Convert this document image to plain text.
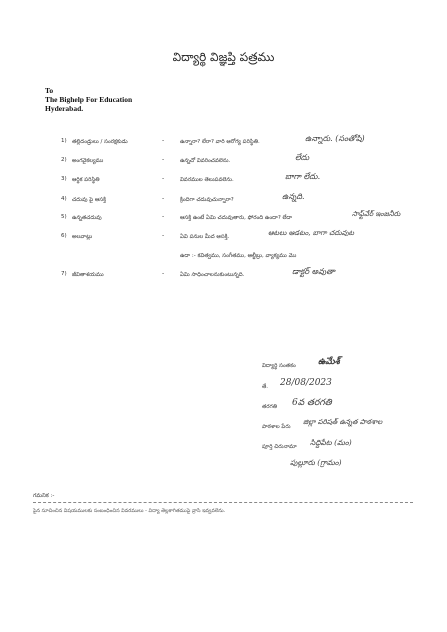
విద్యార్థి విజ్ఞప్తి పత్రము
To
The Bighelp For Education
Hyderabad.
1) తల్లిదండ్రులు / సంరక్షకుడు	-	ఉన్నారా? లేరా? వారి ఆరోగ్య పరిస్థితి.	ఉన్నారు. (సంతోషి)
2) అంగవైకల్యము	-	ఉన్నచో వివరించవలెను.	లేదు
3) ఆర్థిక పరిస్థితి	-	వివరముల తెలుపవలెను.	బాగా లేదు.
4) చదువు పై ఆసక్తి	-	క్రిందిగా చదువుచున్నారా?	ఉన్నది.
5) ఉన్నతచదువు	-	ఆసక్తి ఉంటే ఏమి చదువుతారు, ఫోరంది ఉందా? లేదా	సాఫ్ట్‌వేర్ ఇంజనీరు
6) అలవాట్లు	-	ఏవి పనుల మీద ఆసక్తి.	ఆటలు ఆడటం, బాగా చదువుట
ఉదా :- కవిత్వము, సంగీతము, ఆల్జీబ్రు, వ్యాక్యము మొ
7) జీవితాశయము	-	ఏమి సాధించాలనుకుంటున్నది.	డాక్టర్ అవుతా
విద్యార్థి సంతకం ఉమేశ్
తే. 28/08/2023
తరగతి 6వ తరగతి
పాఠశాల పేరు
జిల్లా పరిషత్ ఉన్నత పాఠశాల
పూర్తి చిరునామా సిద్దిపేట (మం)
పుల్లూరు (గ్రామం)
గమనిక :-
పైన సూచించిన విషయములకు సంబంధించిన వివరములు - విద్యా తెల్లకాగితముపై వ్రాసి ఇవ్వవలెను.
